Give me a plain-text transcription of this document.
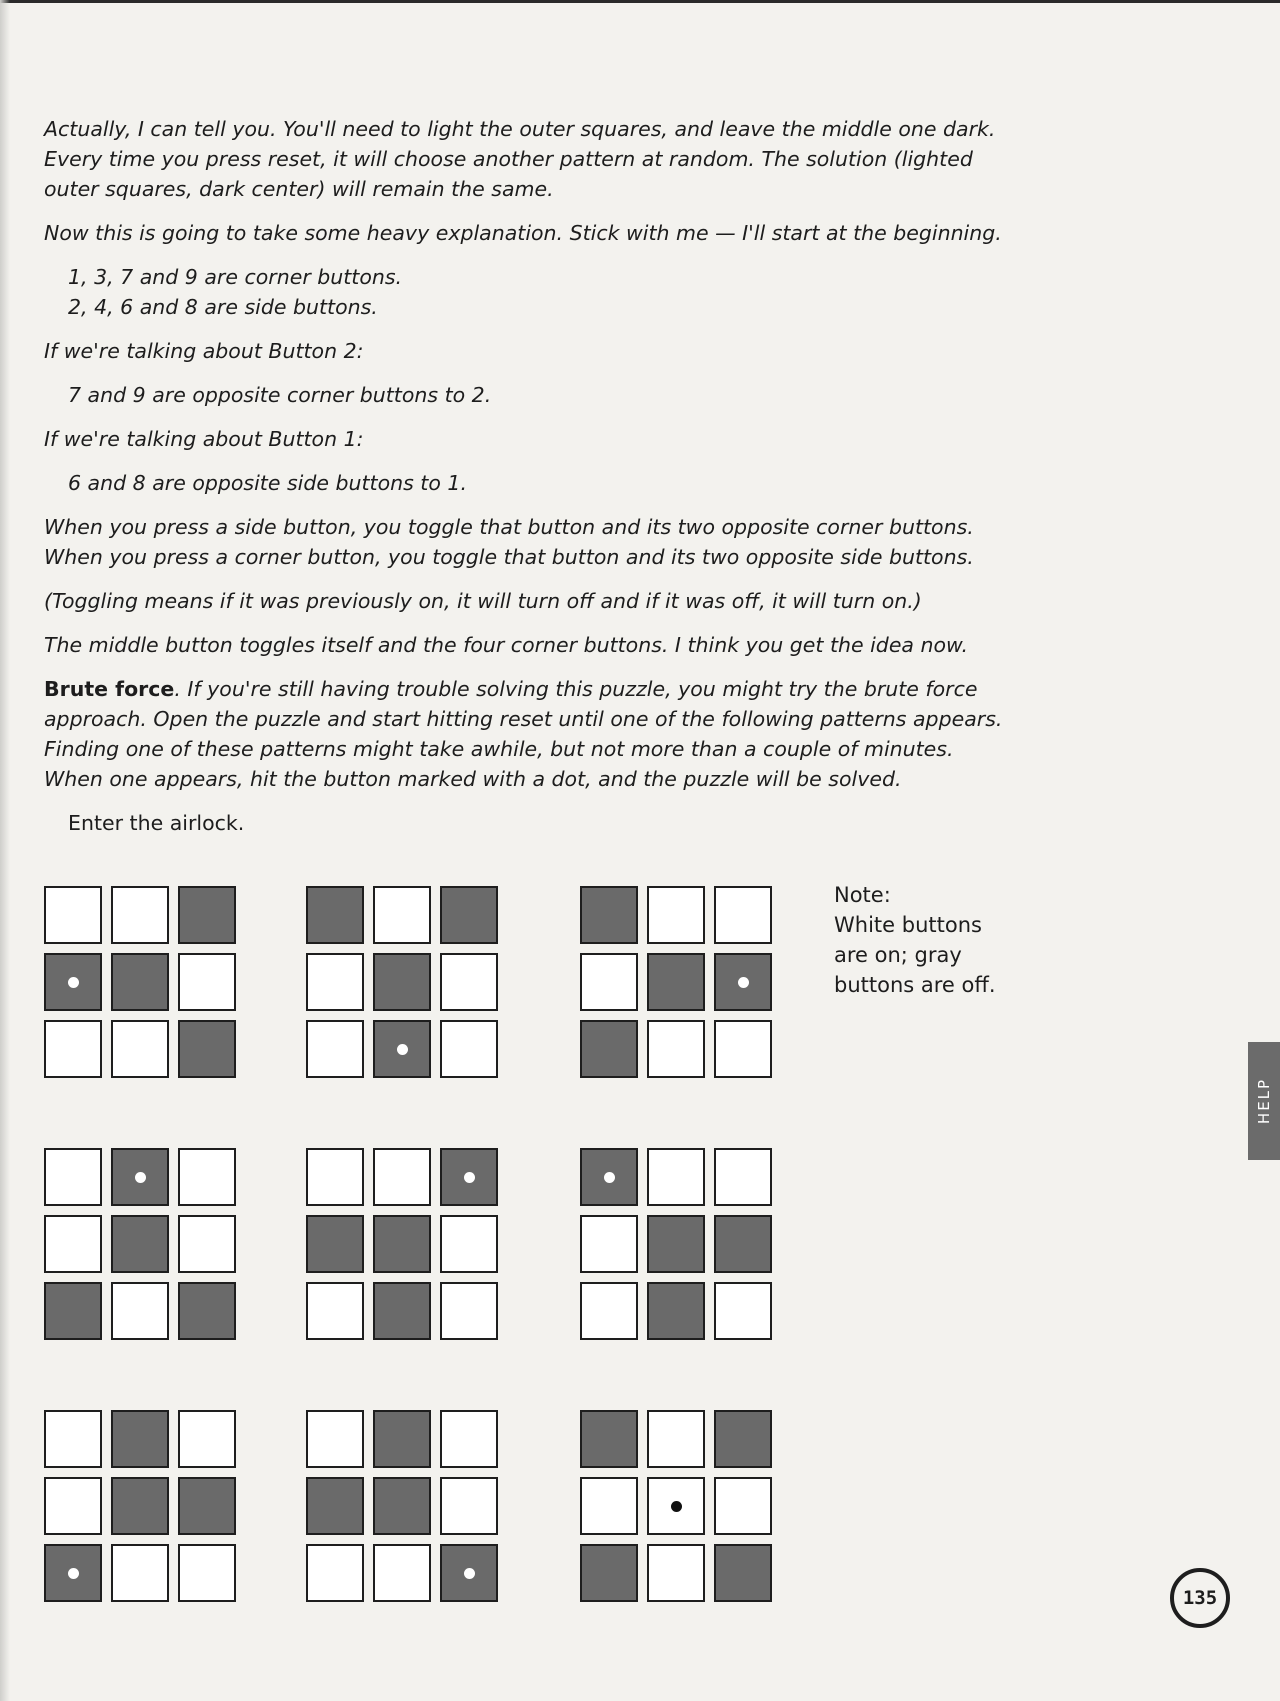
Actually, I can tell you. You'll need to light the outer squares, and leave the middle one dark.
Every time you press reset, it will choose another pattern at random. The solution (lighted
outer squares, dark center) will remain the same.

Now this is going to take some heavy explanation. Stick with me — I'll start at the beginning.

1, 3, 7 and 9 are corner buttons.
2, 4, 6 and 8 are side buttons.

If we're talking about Button 2:

7 and 9 are opposite corner buttons to 2.

If we're talking about Button 1:

6 and 8 are opposite side buttons to 1.

When you press a side button, you toggle that button and its two opposite corner buttons.
When you press a corner button, you toggle that button and its two opposite side buttons.

(Toggling means if it was previously on, it will turn off and if it was off, it will turn on.)

The middle button toggles itself and the four corner buttons. I think you get the idea now.

Brute force. If you're still having trouble solving this puzzle, you might try the brute force
approach. Open the puzzle and start hitting reset until one of the following patterns appears.
Finding one of these patterns might take awhile, but not more than a couple of minutes.
When one appears, hit the button marked with a dot, and the puzzle will be solved.

Enter the airlock.

Note:
White buttons
are on; gray
buttons are off.
HELP
135
